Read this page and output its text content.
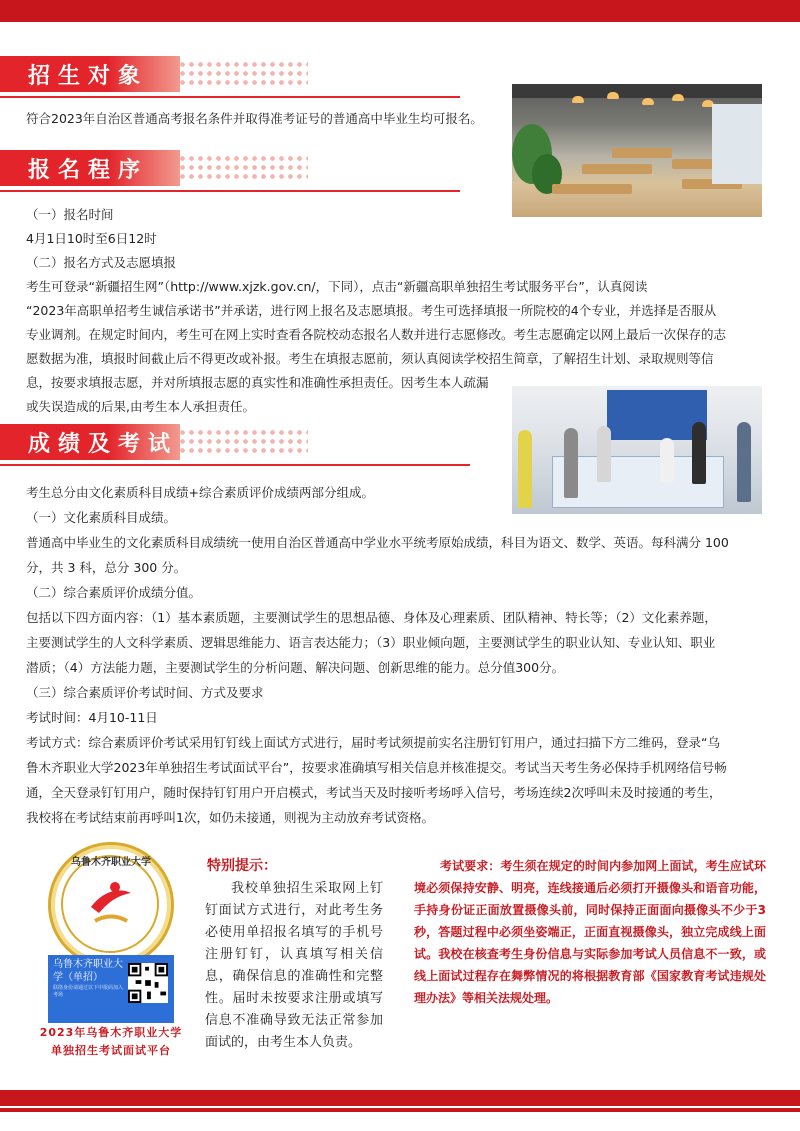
招生对象
符合2023年自治区普通高考报名条件并取得准考证号的普通高中毕业生均可报名。
报名程序
（一）报名时间
4月1日10时至6日12时
（二）报名方式及志愿填报
考生可登录“新疆招生网”（http://www.xjzk.gov.cn/，下同），点击“新疆高职单独招生考试服务平台”，认真阅读
“2023年高职单招考生诚信承诺书”并承诺，进行网上报名及志愿填报。考生可选择填报一所院校的4个专业，并选择是否服从
专业调剂。在规定时间内，考生可在网上实时查看各院校动态报名人数并进行志愿修改。考生志愿确定以网上最后一次保存的志
愿数据为准，填报时间截止后不得更改或补报。考生在填报志愿前，须认真阅读学校招生简章，了解招生计划、录取规则等信
息，按要求填报志愿，并对所填报志愿的真实性和准确性承担责任。因考生本人疏漏
或失误造成的后果,由考生本人承担责任。
成绩及考试
考生总分由文化素质科目成绩+综合素质评价成绩两部分组成。
（一）文化素质科目成绩。
普通高中毕业生的文化素质科目成绩统一使用自治区普通高中学业水平统考原始成绩，科目为语文、数学、英语。每科满分 100
分，共 3 科，总分 300 分。
（二）综合素质评价成绩分值。
包括以下四方面内容：（1）基本素质题，主要测试学生的思想品德、身体及心理素质、团队精神、特长等；（2）文化素养题，
主要测试学生的人文科学素质、逻辑思维能力、语言表达能力；（3）职业倾向题，主要测试学生的职业认知、专业认知、职业
潜质；（4）方法能力题，主要测试学生的分析问题、解决问题、创新思维的能力。总分值300分。
（三）综合素质评价考试时间、方式及要求
考试时间：4月10-11日
考试方式：综合素质评价考试采用钉钉线上面试方式进行，届时考试须提前实名注册钉钉用户，通过扫描下方二维码，登录“乌
鲁木齐职业大学2023年单独招生考试面试平台”，按要求准确填写相关信息并核准提交。考试当天考生务必保持手机网络信号畅
通，全天登录钉钉用户，随时保持钉钉用户开启模式，考试当天及时接听考场呼入信号，考场连续2次呼叫未及时接通的考生，
我校将在考试结束前再呼叫1次，如仍未接通，则视为主动放弃考试资格。
乌鲁木齐职业大学
乌鲁木齐职业大学（单招）
联络身份请通过以下中报码加入考场
2023年乌鲁木齐职业大学单独招生考试面试平台
特别提示：
我校单独招生采取网上钉钉面试方式进行，对此考生务必使用单招报名填写的手机号注册钉钉，认真填写相关信息，确保信息的准确性和完整性。届时未按要求注册或填写信息不准确导致无法正常参加面试的，由考生本人负责。
考试要求：考生须在规定的时间内参加网上面试，考生应试环境必须保持安静、明亮，连线接通后必须打开摄像头和语音功能，手持身份证正面放置摄像头前，同时保持正面面向摄像头不少于3秒，答题过程中必须坐姿端正，正面直视摄像头，独立完成线上面试。我校在核查考生身份信息与实际参加考试人员信息不一致，或线上面试过程存在舞弊情况的将根据教育部《国家教育考试违规处理办法》等相关法规处理。
